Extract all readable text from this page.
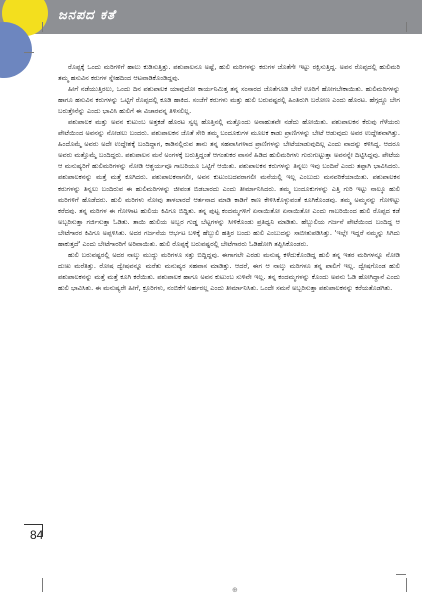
ಜನಪದ ಕತೆ
⊕

ರೊಪ್ಪಕ್ಕೆ ಒಂದು ಮರಿಗಳಿಗೆ ಹಾಲು ಕುಡಿಸುತ್ತಿತ್ತು. ಪಶುಪಾಲನೂ ಅಷ್ಟೆ, ಹುಲಿ ಮರಿಗಳನ್ನು ಕರುಗಳ ಜೊತೆಗೇ ಇಟ್ಟು ರಕ್ಷಿಸುತ್ತಿದ್ದ. ಅವನ ರೊಪ್ಪದಲ್ಲಿ ಹುಲಿಮರಿ ತಮ್ಮ ಹಸುವಿನ ಕರುಗಳ ಸ್ನೇಹದಿಂದ ಆಟವಾಡಿಕೊಂಡಿದ್ದವು.

ಹೀಗೆ ನಡೆಯುತ್ತಿರಲು, ಒಂದು ದಿನ ಪಶುಪಾಲಕ ಯಾವುದೋ ಕಾರ್ಯನಿಮಿತ್ತ ತನ್ನ ಸಂಸಾರದ ಜೊತೆಗೂಡಿ ಬೇರೆ ಊರಿಗೆ ಹೋಗಬೇಕಾಯಿತು. ಹುಲಿಮರಿಗಳನ್ನು ಹಾಗೂ ಹಸುವಿನ ಕರುಗಳನ್ನು ಒಟ್ಟಿಗೆ ರೊಪ್ಪದಲ್ಲಿ ಕೂಡಿ ಹಾಕಿದ. ಸಂಜೆಗೆ ಕರುಗಳು ಮತ್ತು ಹುಲಿ ಬರುವಷ್ಟರಲ್ಲಿ ಹಿಂತಿರುಗಿ ಬರೋಣ ಎಂದು ಹೊರಟ. ಹೆಗ್ಗದ್ದೂ ಬೇಗ ಬರುತ್ತೇನೆನ್ನು ಎಂದು ಭಾವಿಸಿ ಹುಲಿಗೆ ಈ ವಿಚಾರವನ್ನ ತಿಳಿಸಲಿಲ್ಲ.

ಪಶುಪಾಲಕ ಮತ್ತು ಅವನ ಕುಟುಂಬ ಅತ್ತಕಡೆ ಹೊರಟ ಸ್ವಲ್ಪ ಹೊತ್ತಿನಲ್ಲಿ ಮತ್ತೊಂದು ಅನಾಹುತವೇ ನಡೆದು ಹೋಯಿತು. ಪಶುಪಾಲಕನ ಕೆರುವು ಗೆಳೆಯರು ಪೇಟೆಯಿಂದ ಅವನನ್ನು ನೋಡಲು ಬಂದರು. ಪಶುಪಾಲಕನ ಜೊತೆ ಸೇರಿ ತಮ್ಮ ಬಂದೂಕುಗಳ ಮೂಲಕ ಕಾಡು ಪ್ರಾಣಿಗಳನ್ನು ಬೇಟೆ ಆಡುವುದು ಅವರ ಉದ್ದೇಶವಾಗಿತ್ತು. ಹಿಂದೊಮ್ಮೆ ಅವರು ಅದೇ ಉದ್ದೇಶಕ್ಕೆ ಬಂದಿದ್ದಾಗ, ಕಾಡಿನಲ್ಲಿರುವ ತಾನು ತನ್ನ ಸಹವಾಸಿಗಳಾದ ಪ್ರಾಣಿಗಳನ್ನು ಬೇಟೆಯಾಡುವುದಿಲ್ಲ ಎಂದು ವಾದನ್ನು ಕಳಿಸಿದ್ದ. ಆದರೂ ಅವರು ಮತ್ತೊಮ್ಮೆ ಬಂದಿದ್ದರು. ಪಶುಪಾಲನ ಮನೆ ಅಂಗಳಕ್ಕೆ ಬರುತ್ತಿದ್ದಂತೆ ಆಗಂತುಕರ ವಾಸನೆ ಹಿಡಿದ ಹುಲಿಮರಿಗಳು ಗುರುಗುಟ್ಟುತ್ತಾ ಅವನನ್ನೇ ದಿಟ್ಟಿಸಿದ್ದವು. ಪೇಟೆಯ ಆ ಮನುಷ್ಯರಿಗೆ ಹುಲಿಮರಿಗಳನ್ನು ನೋಡಿ ಆಶ್ಚರ್ಯವೂ ಗಾಬರಿಯೂ ಒಟ್ಟಿಗೆ ಆಯಿತು. ಪಶುಪಾಲಕನ ಕರುಗಳನ್ನು ತಿನ್ನಲು ಇವು ಬಂದಿವೆ ಎಂದು ತಪ್ಪಾಗಿ ಭಾವಿಸಿದರು. ಪಶುಪಾಲಕನನ್ನು ಮತ್ತೆ ಮತ್ತೆ ಕೂಗಿದರು. ಪಶುಪಾಲಕನಾಗಲೀ, ಅವನ ಕುಟುಂಬದವರಾಗಲೀ ಮನೆಯಲ್ಲಿ ಇಲ್ಲ ಎಂಬುದು ಮನವರಿಕೆಯಾಯಿತು. ಪಶುಪಾಲಕನ ಕರುಗಳನ್ನು ತಿನ್ನಲು ಬಂದಿರುವ ಈ ಹುಲಿಮರಿಗಳನ್ನು ಜೀವಂತ ಬಿಡಬಾರದು ಎಂದು ತೀರ್ಮಾನಿಸಿದರು. ತಮ್ಮ ಬಂದೂಕುಗಳನ್ನು ಎತ್ತಿ ಗುರಿ ಇಟ್ಟು ನಾಲ್ಕೂ ಹುಲಿ ಮರಿಗಳಿಗೆ ಹೊಡೆದರು. ಹುಲಿ ಮರಿಗಳು ನೋವು ತಾಳಲಾರದೆ ಆರ್ತನಾದ ಮಾಡಿ ಕಾಡಿಗೆ ಕಾಣ ಕೇಳಿಸಿಕೊಳ್ಳುವಂತೆ ಕೂಗಿಕೊಂಡವು. ತಮ್ಮ ಅಮ್ಮನನ್ನು ಗೋಳಿಟ್ಟು ಕರೆದವು. ತನ್ನ ಮರಿಗಳ ಈ ಗೋಳಾಟ ಹುಲಿಯ ಕಿವಿಗೂ ಬಿದ್ದಿತು. ತನ್ನ ಪುಟ್ಟ ಕಂದಮ್ಮಗಳಿಗೆ ಏನಾಯಿತೋ ಏನಾಯಿತೋ ಎಂದು ಗಾಬರಿಯಿಂದ ಹುಲಿ ರೊಪ್ಪದ ಕಡೆ ಅಬ್ಬರಿಸುತ್ತಾ ಗರ್ಜಿಸುತ್ತಾ ಓಡಿತು. ತಾಯಿ ಹುಲಿಯ ಅಬ್ಬರ ಗುಡ್ಡ ಬೆಟ್ಟಗಳನ್ನು ಸೀಳಿಕೊಂಡು ಪ್ರತಿಧ್ವನಿ ಮಾಡಿತು. ಹೆಬ್ಬುಲಿಯ ಗರ್ಜನೆ ಪೇಟೆಯಿಂದ ಬಂದಿದ್ದ ಆ ಬೇಟೆಗಾರರ ಕಿವಿಗೂ ಅಪ್ಪಳಿಸಿತು. ಅದರ ಗರ್ಜನೆಯ ಆರ್ಭಟ ಬಳಿಕ್ಕೆ ಹೆಬ್ಬುಲಿ ಹತ್ತಿರ ಬಂದು ಹುಲಿ ಎಂಬುದನ್ನು ಸಾಬೀತುಪಡಿಸಿತ್ತು. 'ಇಲ್ಲೇ ಇದ್ದರೆ ನಮ್ಮನ್ನು ಸಿಗಿದು ಹಾಕುತ್ತದೆ' ಎಂದು ಬೇಟೆಗಾರರಿಗೆ ಅರಿವಾಯಿತು. ಹುಲಿ ರೊಪ್ಪಕ್ಕೆ ಬರುವಷ್ಟರಲ್ಲಿ ಬೇಟೆಗಾರರು ಓಡಿಹೋಗಿ ತಪ್ಪಿಸಿಕೊಂಡರು.

ಹುಲಿ ಬರುವಷ್ಟರಲ್ಲಿ ಅದರ ನಾಲ್ಕು ಮುದ್ದು ಮರಿಗಳೂ ಸತ್ತು ಬಿದ್ದಿದ್ದವು. ಈಗಾಗಲೇ ಎರಡು ಮನುಷ್ಯ ಕಳೆದುಕೊಂಡಿದ್ದ ಹುಲಿ ತನ್ನ ಇತರ ಮರಿಗಳನ್ನೂ ನೋಡಿ ದುಃಖ ಮರೆತಿತ್ತು. ರೋಷ ದ್ವೇಷವನ್ನೂ ಮರೆತು ಮನುಷ್ಯರ ಸಹವಾಸ ಮಾಡಿತ್ತು. ಆದರೆ, ಈಗ ಆ ನಾಲ್ಕು ಮರಿಗಳೂ ತನ್ನ ಪಾಲಿಗೆ ಇಲ್ಲ. ದ್ವೇಷಗೊಂಡ ಹುಲಿ ಪಶುಪಾಲಕನನ್ನು ಮತ್ತೆ ಮತ್ತೆ ಕೂಗಿ ಕರೆಯಿತು. ಪಶುಪಾಲಕ ಹಾಗೂ ಅವನ ಕುಟುಂಬ ಸುಳಿವೇ ಇಲ್ಲ. ತನ್ನ ಕಂದಮ್ಮಗಳನ್ನು ಕೊಂದು ಅವನು ಓಡಿ ಹೋಗಿದ್ದಾನೆ ಎಂದು ಹುಲಿ ಭಾವಿಸಿತು. ಈ ಮನುಷ್ಯರೇ ಹೀಗೆ, ಕ್ರೂರಿಗಳು, ನಂಬಿಕೆಗೆ ಅರ್ಹರಲ್ಲ ಎಂದು ತೀರ್ಮಾನಿಸಿತು. ಒಂದೇ ಸಮನೆ ಅಬ್ಬರಿಸುತ್ತಾ ಪಶುಪಾಲಕನನ್ನು ಕರೆಯತೊಡಗಿತು.

84
